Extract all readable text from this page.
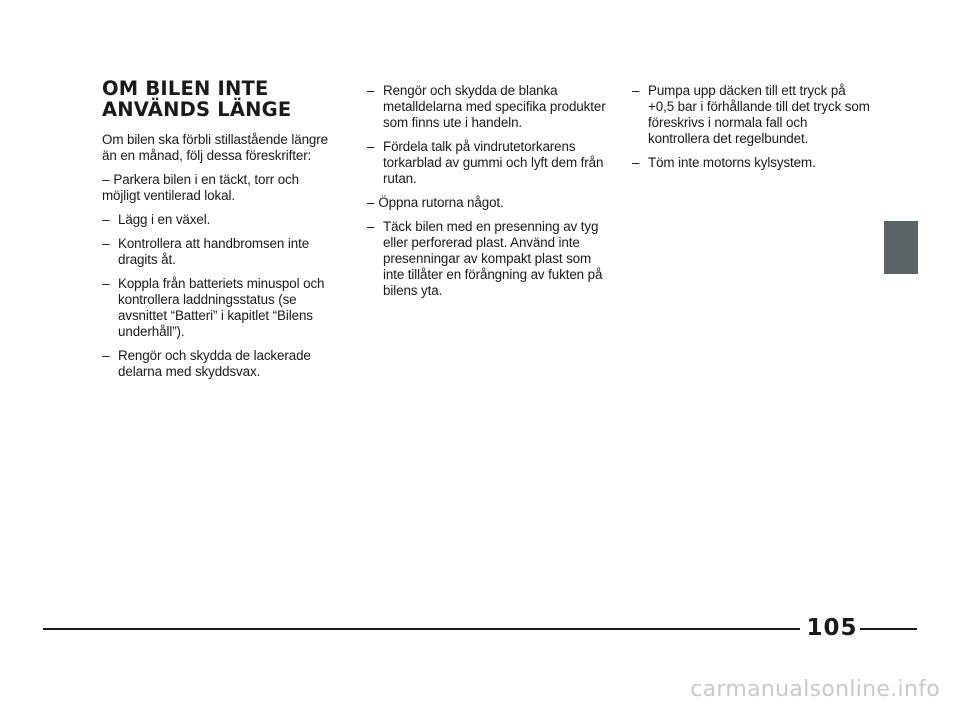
OM BILEN INTE
ANVÄNDS LÄNGE

Om bilen ska förbli stillastående längre än en månad, följ dessa föreskrifter:

– Parkera bilen i en täckt, torr och möjligt ventilerad lokal.
– Lägg i en växel.
– Kontrollera att handbromsen inte dragits åt.
– Koppla från batteriets minuspol och kontrollera laddningsstatus (se avsnittet “Batteri” i kapitlet “Bilens underhåll”).
– Rengör och skydda de lackerade delarna med skyddsvax.
– Rengör och skydda de blanka metalldelarna med specifika produkter som finns ute i handeln.
– Fördela talk på vindrutetorkarens torkarblad av gummi och lyft dem från rutan.
– Öppna rutorna något.
– Täck bilen med en presenning av tyg eller perforerad plast. Använd inte presenningar av kompakt plast som inte tillåter en förångning av fukten på bilens yta.
– Pumpa upp däcken till ett tryck på +0,5 bar i förhållande till det tryck som föreskrivs i normala fall och kontrollera det regelbundet.
– Töm inte motorns kylsystem.
105
carmanualsonline.info
